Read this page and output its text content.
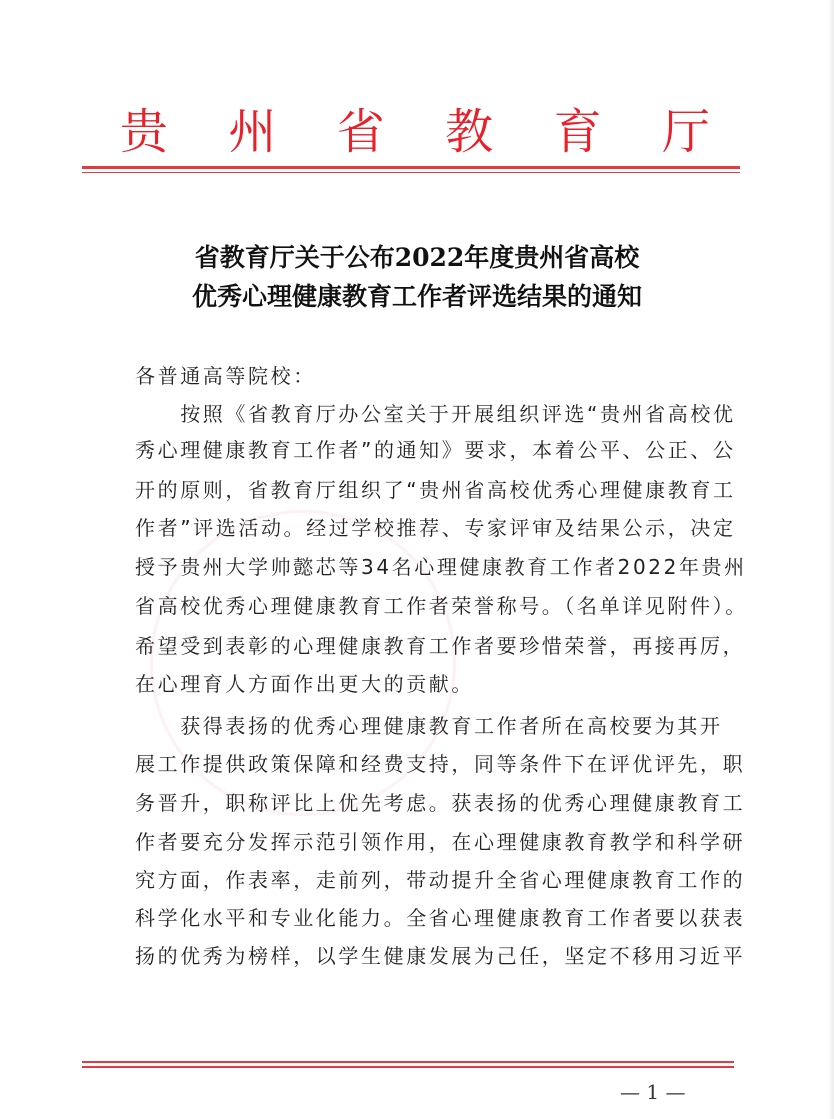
贵 州 省 教 育 厅
省教育厅关于公布2022年度贵州省高校
优秀心理健康教育工作者评选结果的通知
各普通高等院校：
　　按照《省教育厅办公室关于开展组织评选“贵州省高校优
秀心理健康教育工作者”的通知》要求，本着公平、公正、公
开的原则，省教育厅组织了“贵州省高校优秀心理健康教育工
作者”评选活动。经过学校推荐、专家评审及结果公示，决定
授予贵州大学帅懿芯等34名心理健康教育工作者2022年贵州
省高校优秀心理健康教育工作者荣誉称号。（名单详见附件）。
希望受到表彰的心理健康教育工作者要珍惜荣誉，再接再厉，
在心理育人方面作出更大的贡献。
　　获得表扬的优秀心理健康教育工作者所在高校要为其开
展工作提供政策保障和经费支持，同等条件下在评优评先，职
务晋升，职称评比上优先考虑。获表扬的优秀心理健康教育工
作者要充分发挥示范引领作用，在心理健康教育教学和科学研
究方面，作表率，走前列，带动提升全省心理健康教育工作的
科学化水平和专业化能力。全省心理健康教育工作者要以获表
扬的优秀为榜样，以学生健康发展为己任，坚定不移用习近平
— 1 —
